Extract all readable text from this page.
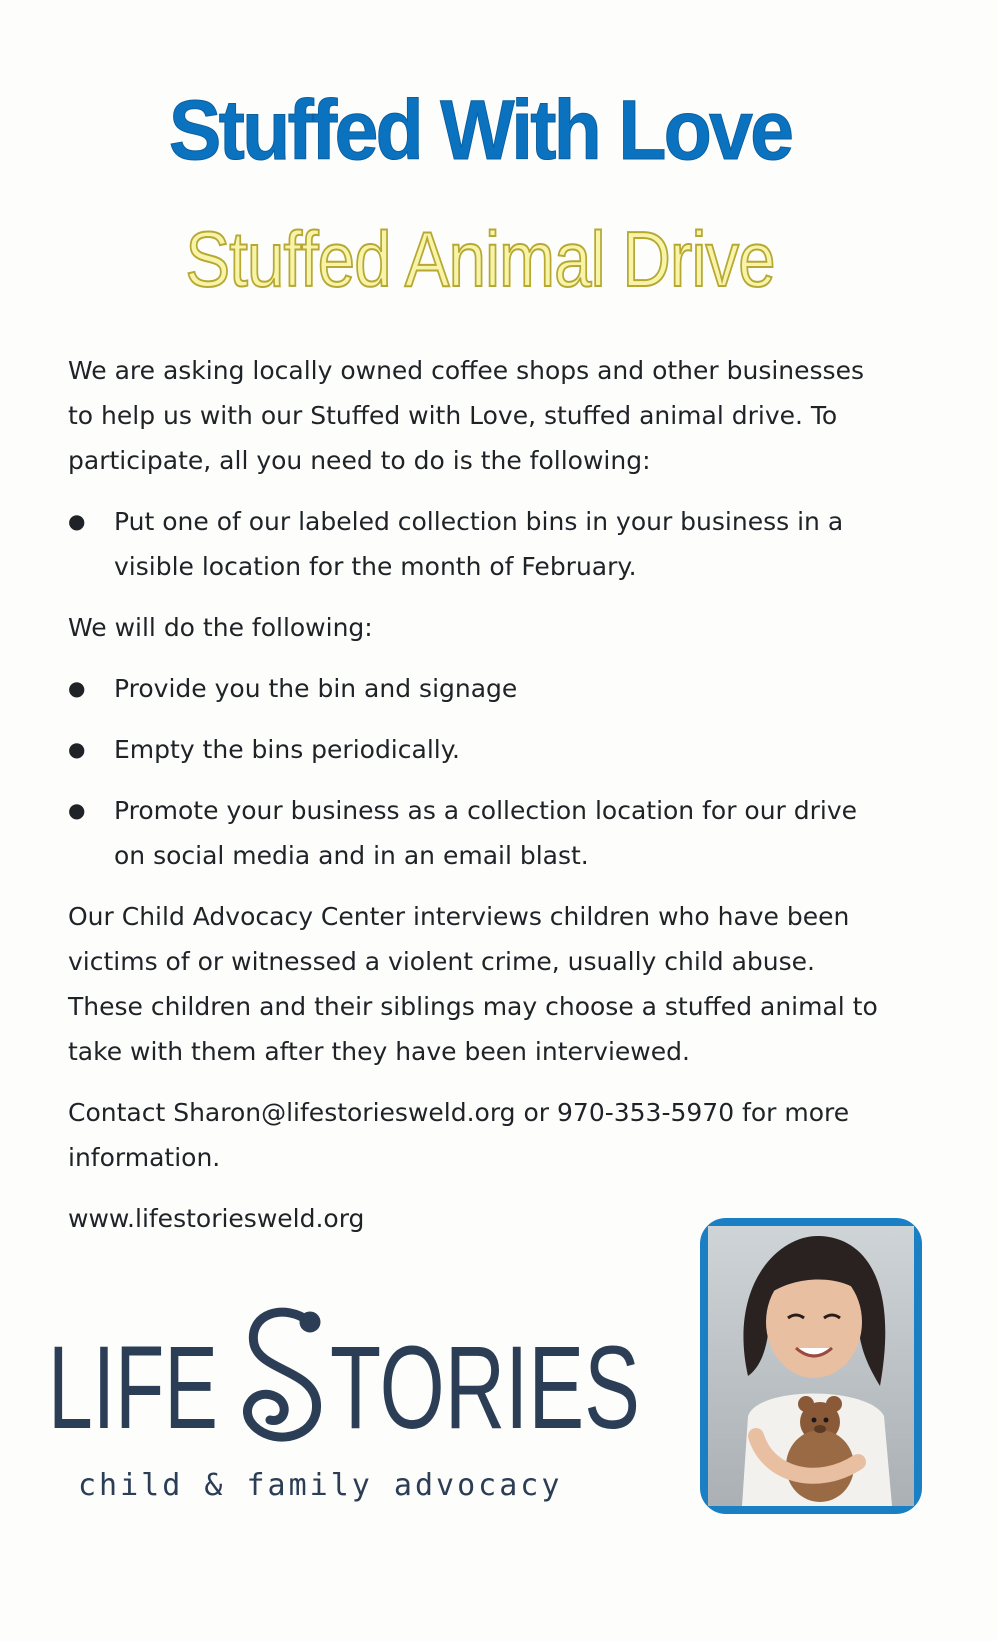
Stuffed With Love
Stuffed Animal Drive

We are asking locally owned coffee shops and other businesses to help us with our Stuffed with Love, stuffed animal drive. To participate, all you need to do is the following:

●	Put one of our labeled collection bins in your business in a visible location for the month of February.

We will do the following:

●	Provide you the bin and signage
●	Empty the bins periodically.
●	Promote your business as a collection location for our drive on social media and in an email blast.

Our Child Advocacy Center interviews children who have been victims of or witnessed a violent crime, usually child abuse. These children and their siblings may choose a stuffed animal to take with them after they have been interviewed.

Contact Sharon@lifestoriesweld.org or 970-353-5970 for more information.

www.lifestoriesweld.org

LIFE TORIES
child & family advocacy
